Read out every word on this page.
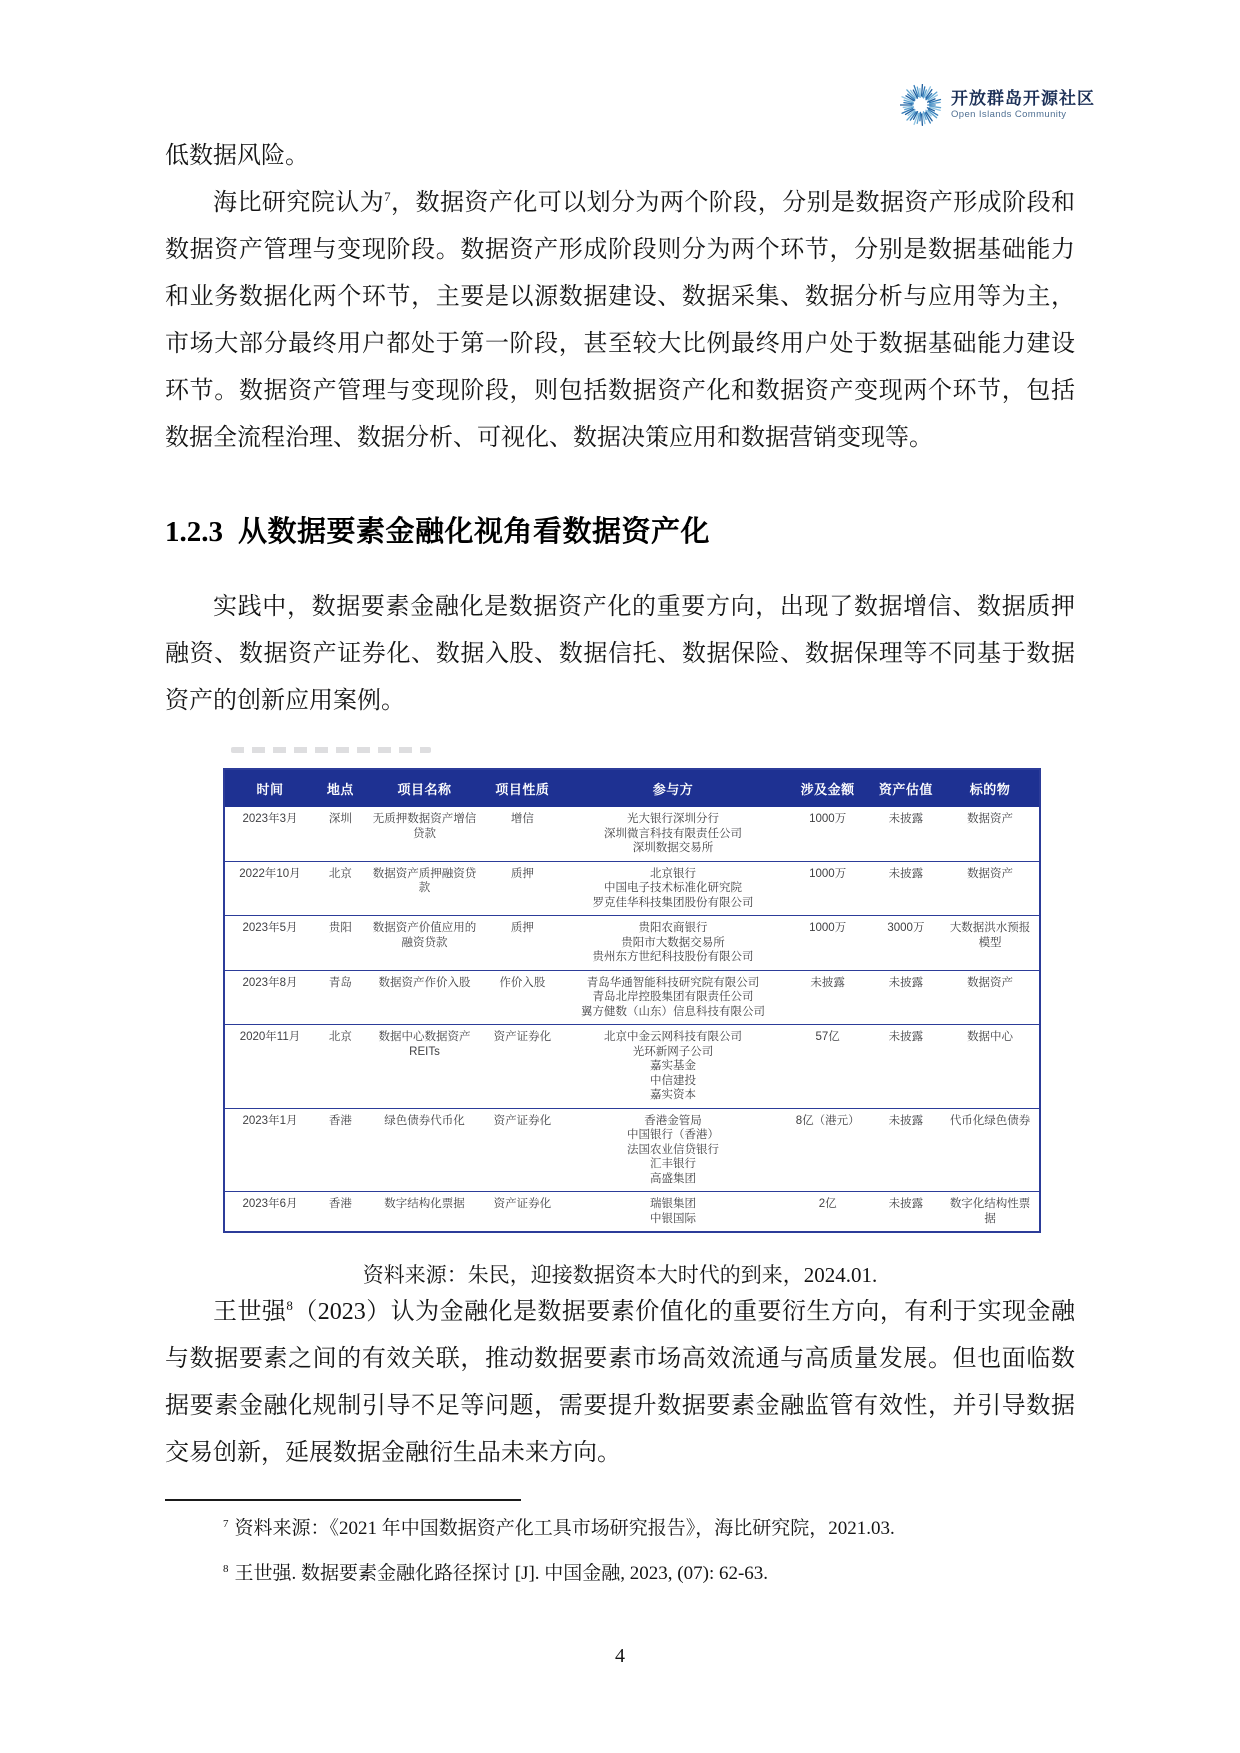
开放群岛开源社区
Open Islands Community

低数据风险。

海比研究院认为$^7$，数据资产化可以划分为两个阶段，分别是数据资产形成阶段和数据资产管理与变现阶段。数据资产形成阶段则分为两个环节，分别是数据基础能力和业务数据化两个环节，主要是以源数据建设、数据采集、数据分析与应用等为主，市场大部分最终用户都处于第一阶段，甚至较大比例最终用户处于数据基础能力建设环节。数据资产管理与变现阶段，则包括数据资产化和数据资产变现两个环节，包括数据全流程治理、数据分析、可视化、数据决策应用和数据营销变现等。

1.2.3 从数据要素金融化视角看数据资产化

实践中，数据要素金融化是数据资产化的重要方向，出现了数据增信、数据质押融资、数据资产证券化、数据入股、数据信托、数据保险、数据保理等不同基于数据资产的创新应用案例。

时间	地点	项目名称	项目性质	参与方	涉及金额	资产估值	标的物
2023年3月	深圳	无质押数据资产增信贷款	增信	光大银行深圳分行
深圳微言科技有限责任公司
深圳数据交易所	1000万	未披露	数据资产
2022年10月	北京	数据资产质押融资贷款	质押	北京银行
中国电子技术标准化研究院
罗克佳华科技集团股份有限公司	1000万	未披露	数据资产
2023年5月	贵阳	数据资产价值应用的融资贷款	质押	贵阳农商银行
贵阳市大数据交易所
贵州东方世纪科技股份有限公司	1000万	3000万	大数据洪水预报模型
2023年8月	青岛	数据资产作价入股	作价入股	青岛华通智能科技研究院有限公司
青岛北岸控股集团有限责任公司
翼方健数（山东）信息科技有限公司	未披露	未披露	数据资产
2020年11月	北京	数据中心数据资产REITs	资产证券化	北京中金云网科技有限公司
光环新网子公司
嘉实基金
中信建投
嘉实资本	57亿	未披露	数据中心
2023年1月	香港	绿色债券代币化	资产证券化	香港金管局
中国银行（香港）
法国农业信贷银行
汇丰银行
高盛集团	8亿（港元）	未披露	代币化绿色债券
2023年6月	香港	数字结构化票据	资产证券化	瑞银集团
中银国际	2亿	未披露	数字化结构性票据
资料来源：朱民，迎接数据资本大时代的到来，2024.01.

王世强$^8$（2023）认为金融化是数据要素价值化的重要衍生方向，有利于实现金融与数据要素之间的有效关联，推动数据要素市场高效流通与高质量发展。但也面临数据要素金融化规制引导不足等问题，需要提升数据要素金融监管有效性，并引导数据交易创新，延展数据金融衍生品未来方向。

$^7$ 资料来源：《2021 年中国数据资产化工具市场研究报告》，海比研究院，2021.03.

$^8$ 王世强. 数据要素金融化路径探讨 [J]. 中国金融, 2023, (07): 62-63.

4
